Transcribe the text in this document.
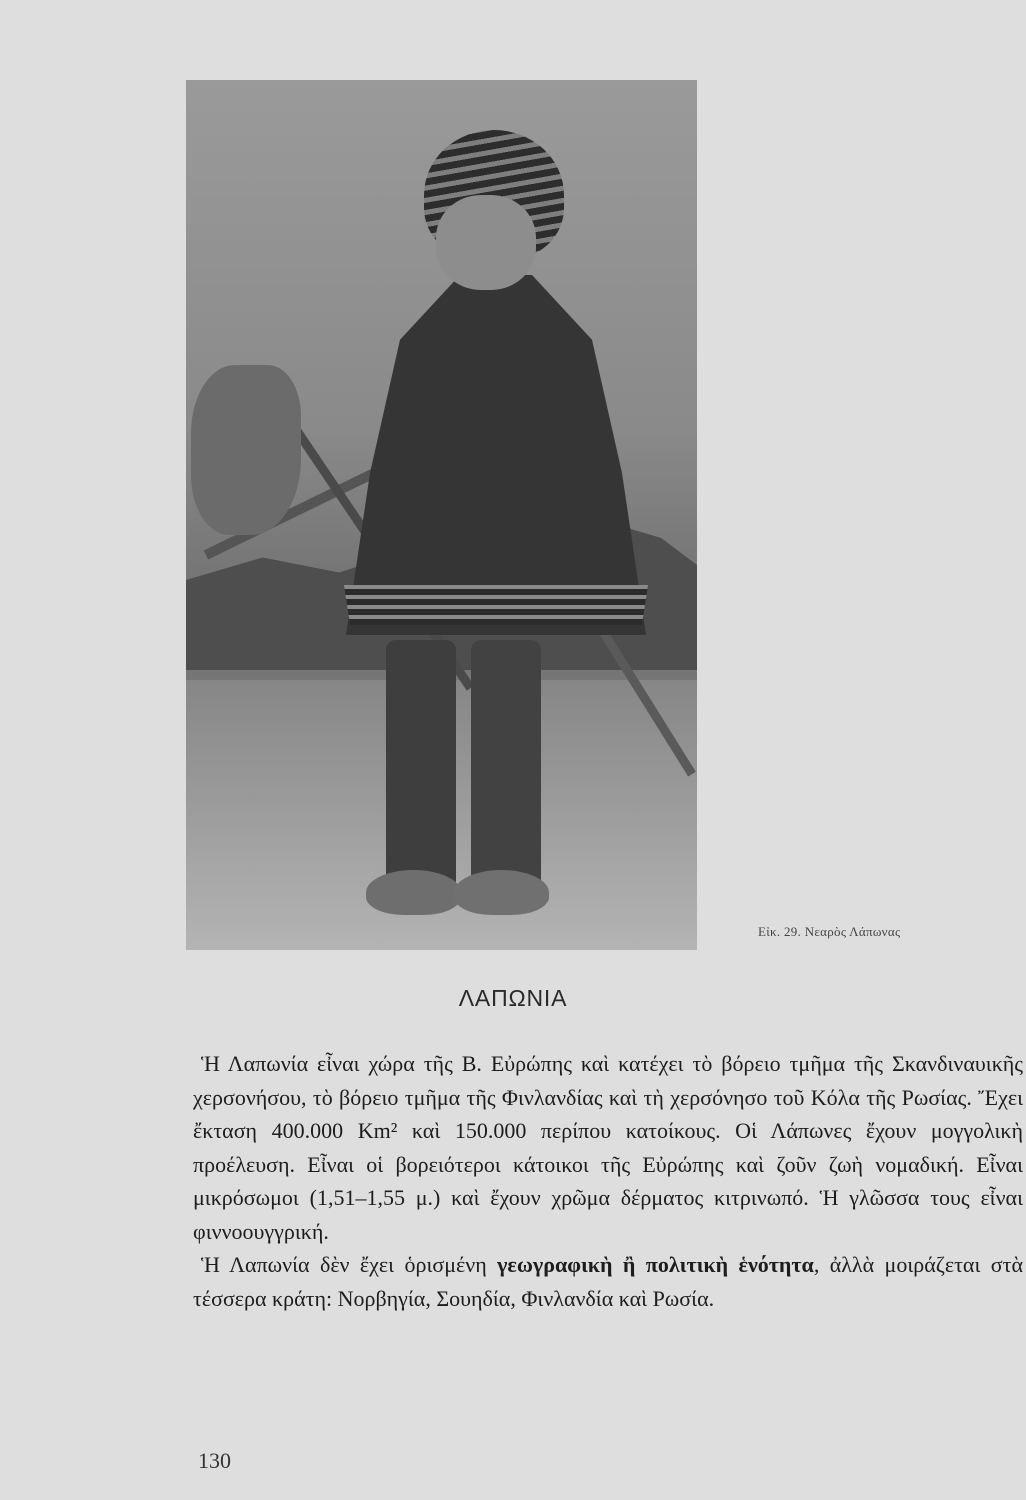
Εἰκ. 29. Νεαρὸς Λάπωνας
ΛΑΠΩΝΙΑ

Ἡ Λαπωνία εἶναι χώρα τῆς Β. Εὐρώπης καὶ κατέχει τὸ βόρειο τμῆμα τῆς Σκανδιναυικῆς χερσονήσου, τὸ βόρειο τμῆμα τῆς Φινλανδίας καὶ τὴ χερσόνησο τοῦ Κόλα τῆς Ρωσίας. Ἔχει ἔκταση 400.000 Km² καὶ 150.000 περίπου κατοίκους. Οἱ Λάπωνες ἔχουν μογγολικὴ προέλευση. Εἶναι οἱ βορειότεροι κάτοικοι τῆς Εὐρώπης καὶ ζοῦν ζωὴ νομαδική. Εἶναι μικρόσωμοι (1,51–1,55 μ.) καὶ ἔχουν χρῶμα δέρματος κιτρινωπό. Ἡ γλῶσσα τους εἶναι φιννοουγγρική.

Ἡ Λαπωνία δὲν ἔχει ὁρισμένη γεωγραφικὴ ἢ πολιτικὴ ἑνότητα, ἀλλὰ μοιράζεται στὰ τέσσερα κράτη: Νορβηγία, Σουηδία, Φινλανδία καὶ Ρωσία.

130
